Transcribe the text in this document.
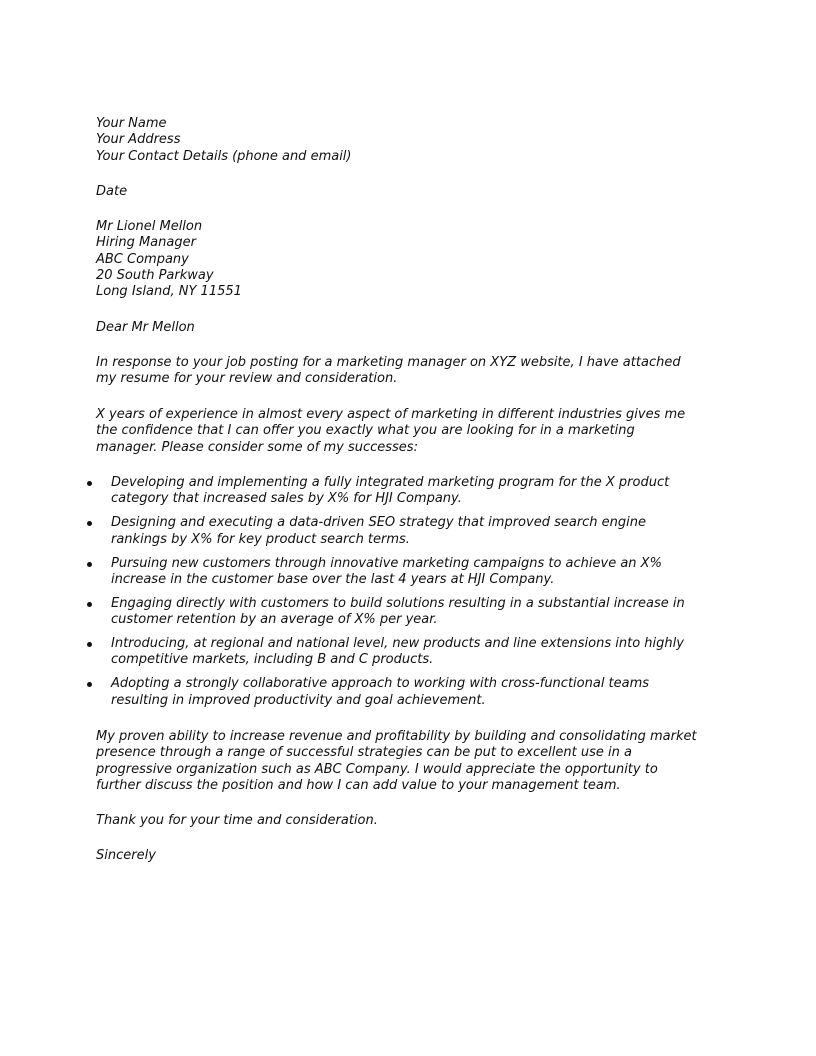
Your Name
Your Address
Your Contact Details (phone and email)
Date
Mr Lionel Mellon
Hiring Manager
ABC Company
20 South Parkway
Long Island, NY 11551
Dear Mr Mellon
In response to your job posting for a marketing manager on XYZ website, I have attached
my resume for your review and consideration.
X years of experience in almost every aspect of marketing in different industries gives me
the confidence that I can offer you exactly what you are looking for in a marketing
manager. Please consider some of my successes:
Developing and implementing a fully integrated marketing program for the X product
category that increased sales by X% for HJI Company.
Designing and executing a data-driven SEO strategy that improved search engine
rankings by X% for key product search terms.
Pursuing new customers through innovative marketing campaigns to achieve an X%
increase in the customer base over the last 4 years at HJI Company.
Engaging directly with customers to build solutions resulting in a substantial increase in
customer retention by an average of X% per year.
Introducing, at regional and national level, new products and line extensions into highly
competitive markets, including B and C products.
Adopting a strongly collaborative approach to working with cross-functional teams
resulting in improved productivity and goal achievement.
My proven ability to increase revenue and profitability by building and consolidating market
presence through a range of successful strategies can be put to excellent use in a
progressive organization such as ABC Company. I would appreciate the opportunity to
further discuss the position and how I can add value to your management team.
Thank you for your time and consideration.
Sincerely
